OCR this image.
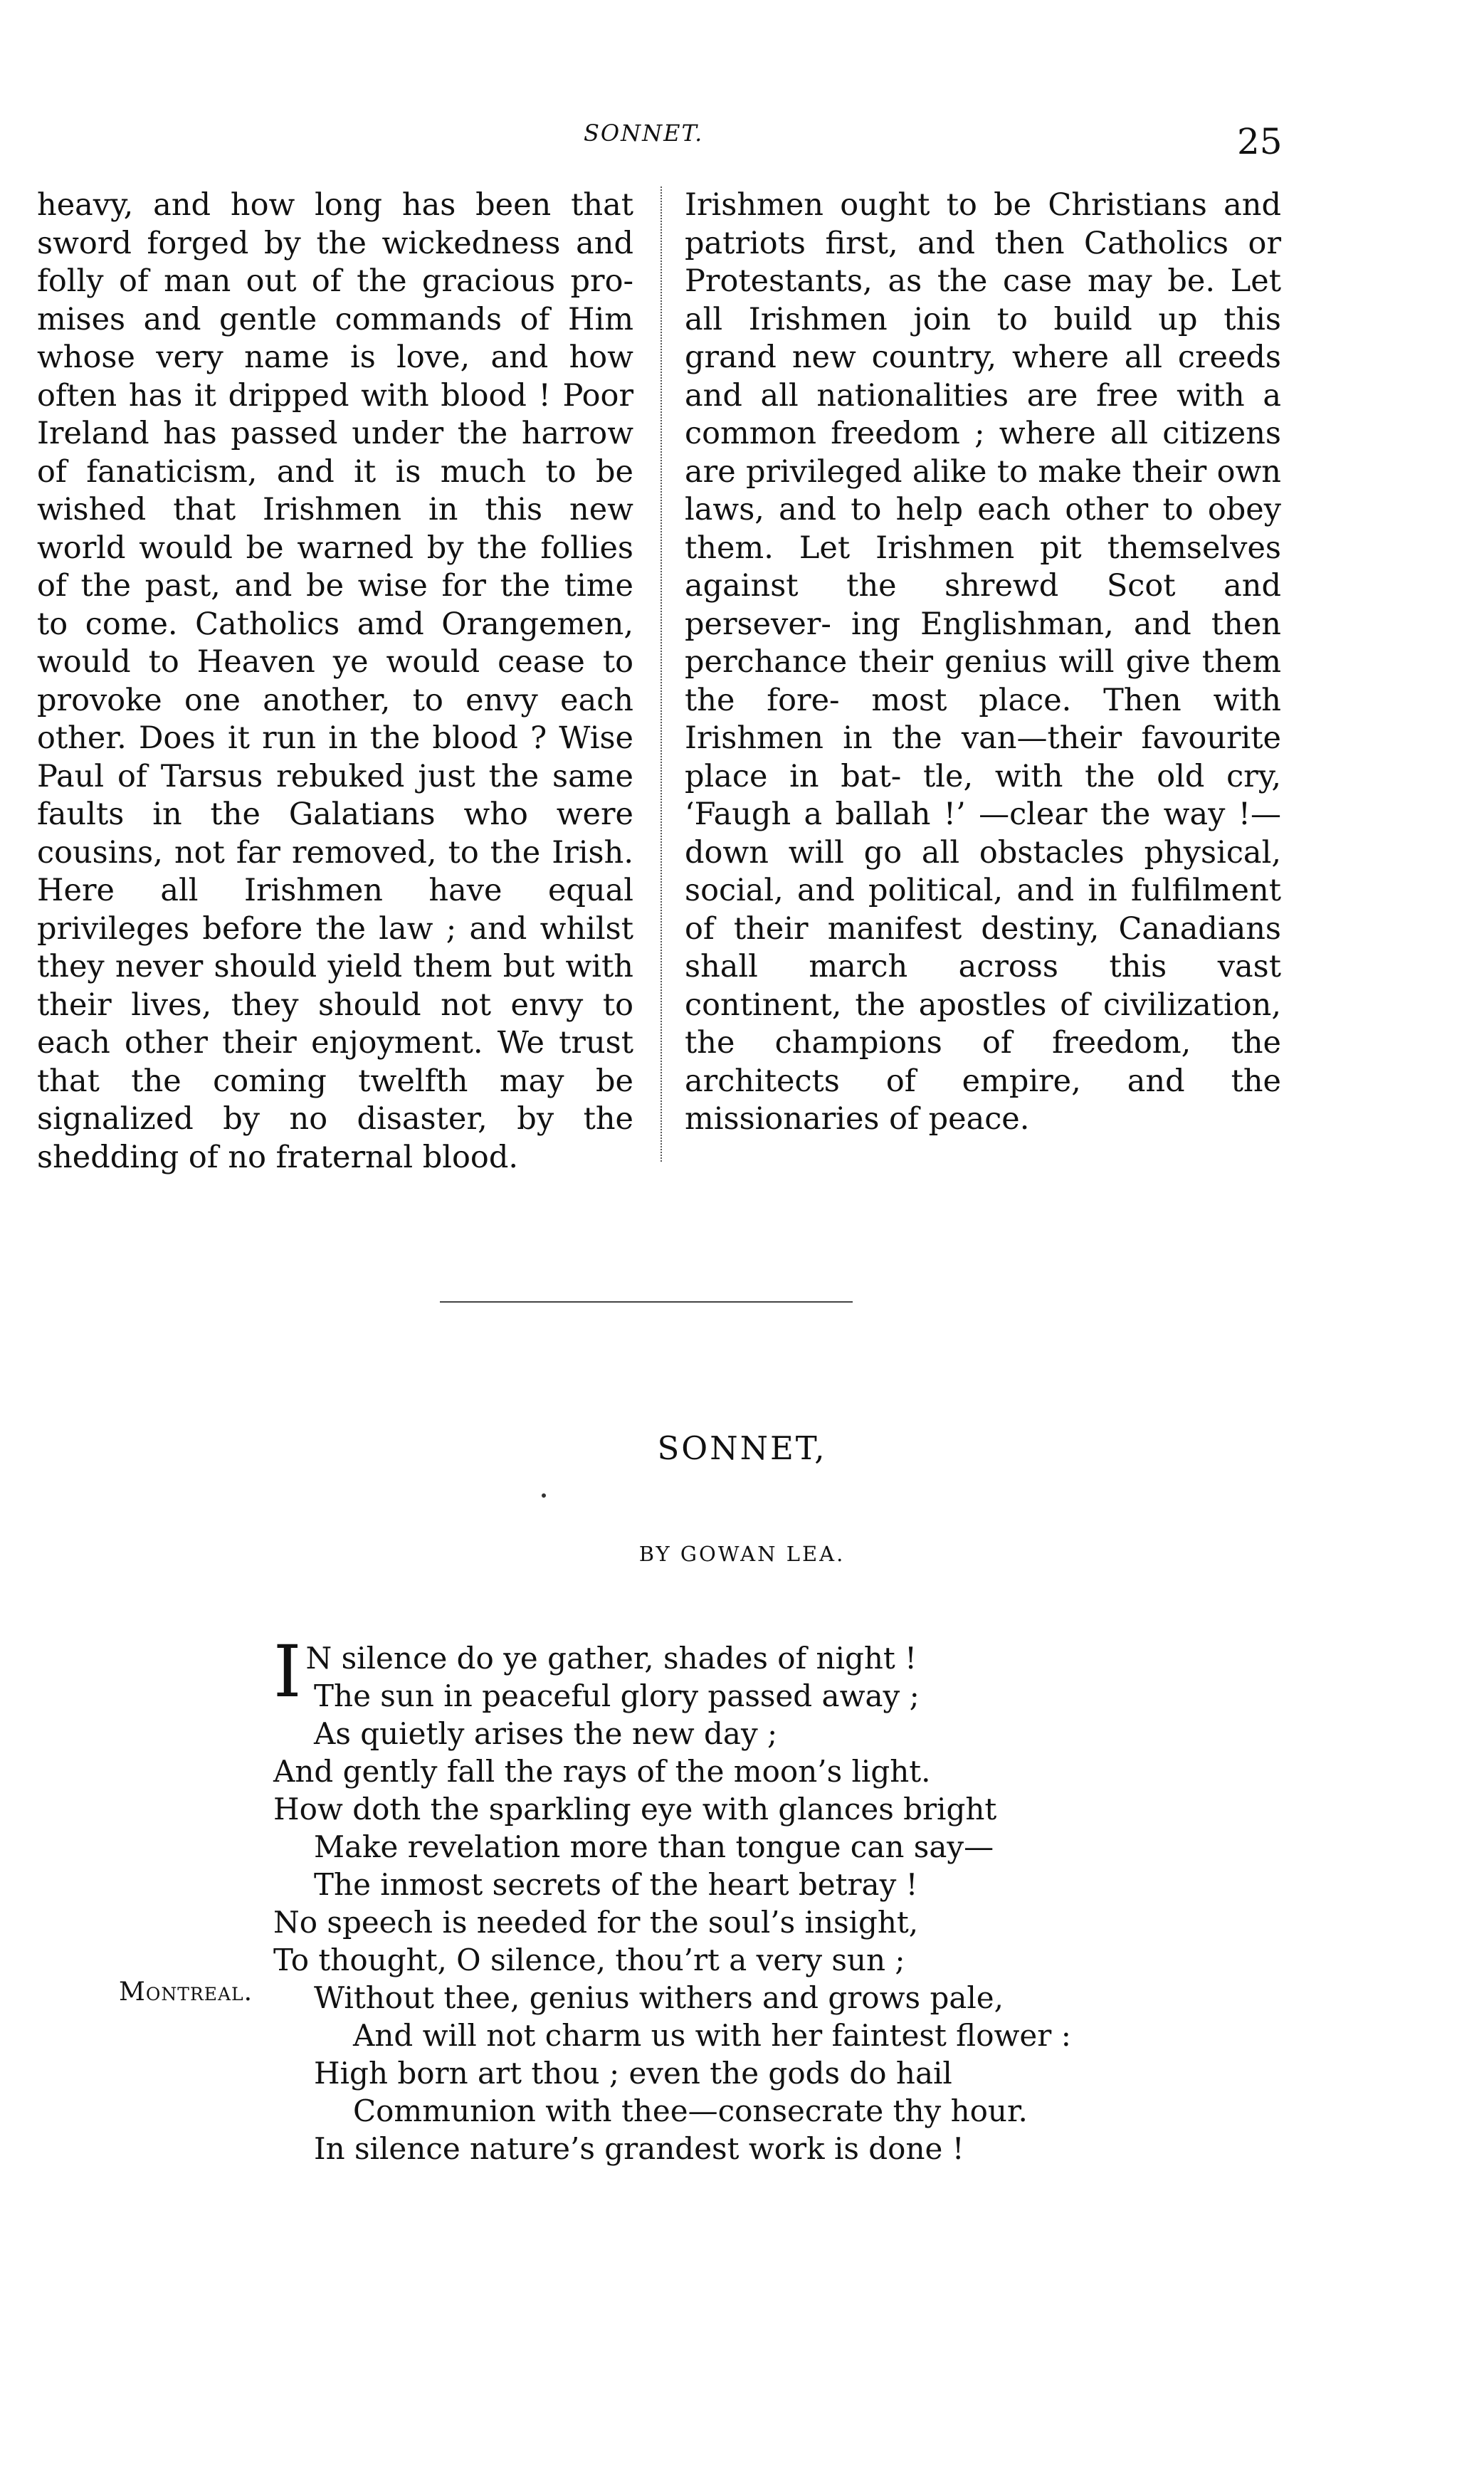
SONNET.	25
heavy, and how long has been that sword forged by the wickedness and folly of man out of the gracious pro- mises and gentle commands of Him whose very name is love, and how often has it dripped with blood ! Poor Ireland has passed under the harrow of fanaticism, and it is much to be wished that Irishmen in this new world would be warned by the follies of the past, and be wise for the time to come. Catholics amd Orangemen, would to Heaven ye would cease to provoke one another, to envy each other. Does it run in the blood ? Wise Paul of Tarsus rebuked just the same faults in the Galatians who were cousins, not far removed, to the Irish. Here all Irishmen have equal privileges before the law ; and whilst they never should yield them but with their lives, they should not envy to each other their enjoyment. We trust that the coming twelfth may be signalized by no disaster, by the shedding of no fraternal blood.
Irishmen ought to be Christians and patriots first, and then Catholics or Protestants, as the case may be. Let all Irishmen join to build up this grand new country, where all creeds and all nationalities are free with a common freedom ; where all citizens are privileged alike to make their own laws, and to help each other to obey them. Let Irishmen pit themselves against the shrewd Scot and persever- ing Englishman, and then perchance their genius will give them the fore- most place. Then with Irishmen in the van—their favourite place in bat- tle, with the old cry, ‘Faugh a ballah !’ —clear the way !—down will go all obstacles physical, social, and political, and in fulfilment of their manifest destiny, Canadians shall march across this vast continent, the apostles of civilization, the champions of freedom, the architects of empire, and the missionaries of peace.
SONNET,
BY GOWAN LEA.
I N silence do ye gather, shades of night !
The sun in peaceful glory passed away ;
As quietly arises the new day ;
And gently fall the rays of the moon’s light.
How doth the sparkling eye with glances bright
Make revelation more than tongue can say—
The inmost secrets of the heart betray !
No speech is needed for the soul’s insight,
To thought, O silence, thou’rt a very sun ;
Without thee, genius withers and grows pale,
And will not charm us with her faintest flower :
High born art thou ; even the gods do hail
Communion with thee—consecrate thy hour.
In silence nature’s grandest work is done !
Montreal.
